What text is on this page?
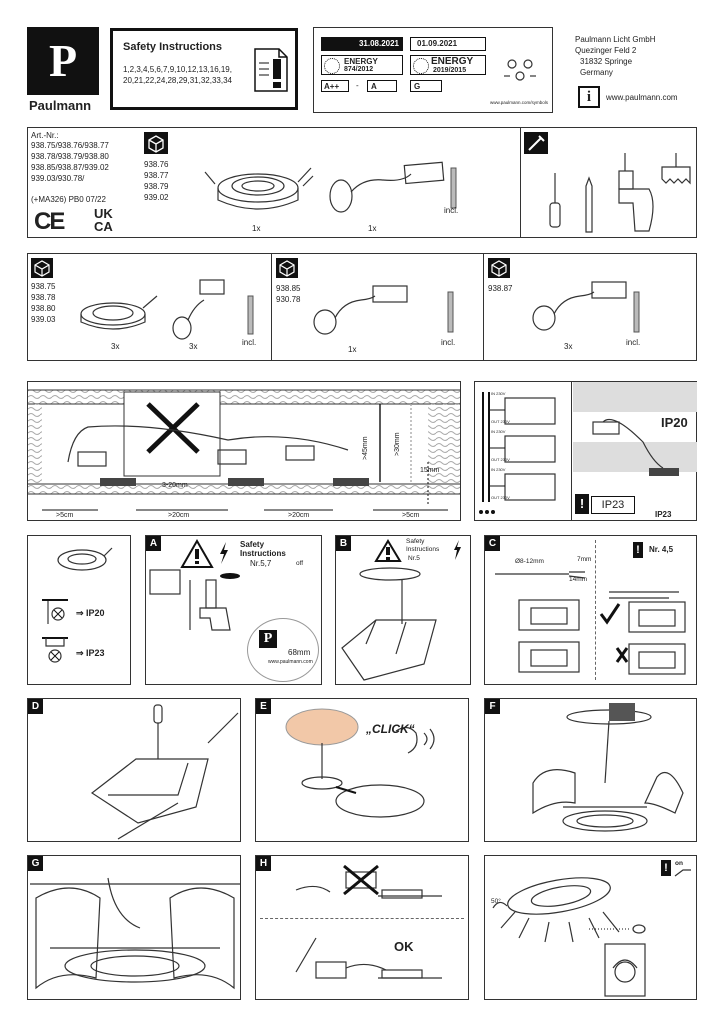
P
Paulmann
Safety Instructions
1,2,3,4,5,6,7,9,10,12,13,16,19,
20,21,22,24,28,29,31,32,33,34
31.08.2021	01.09.2021
ENERGY
874/2012
ENERGY
2019/2015
A++	-	A	G
www.paulmann.com/symbols
Paulmann Licht GmbH
Quezinger Feld 2
31832 Springe
Germany
i	www.paulmann.com
Art.-Nr.:
938.75/938.76/938.77
938.78/938.79/938.80
938.85/938.87/939.02
939.03/930.78/
(+MA326) PB0 07/22
CE UK
CA
938.76
938.77
938.79
939.02
1x	1x
incl.
938.75
938.78
938.80
939.03
3x	3x	incl.
938.85
930.78
1x
incl.
938.87
3x	incl.
3-20mm
>5cm	>20cm	>20cm	>5cm
>45mm	>30mm
15mm
IN 230V
OUT 230V
IN 230V
OUT 230V
IN 230V
OUT 230V
IP20
!	IP23
IP23
⇒ IP20
⇒ IP23
A	Safety
Instructions
Nr.5,7	off
P
68mm
www.paulmann.com
B	Safety
Instructions
Nr.5
C
Ø8-12mm	7mm
14mm
!	Nr. 4,5
D	E
„CLICK“
F
G	H
OK
!	on
50°
